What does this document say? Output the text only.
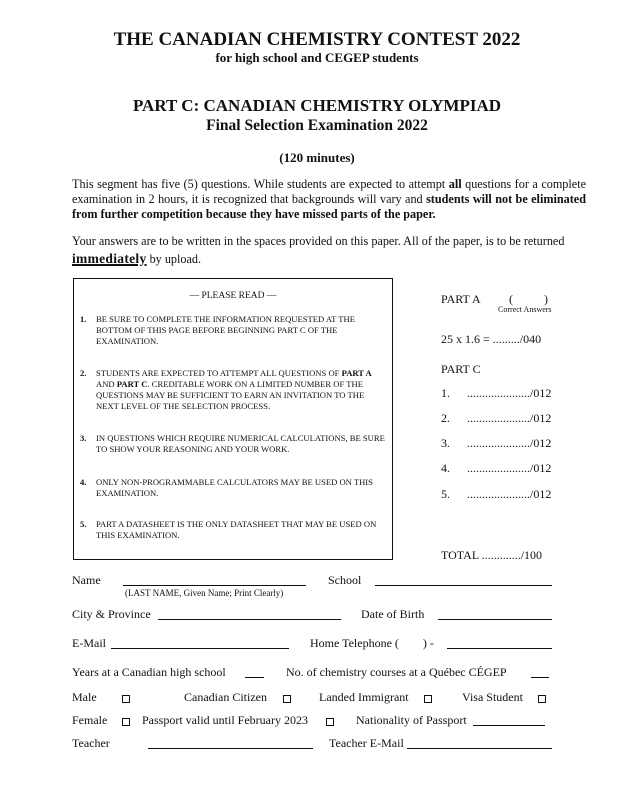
THE CANADIAN CHEMISTRY CONTEST 2022
for high school and CEGEP students
PART C: CANADIAN CHEMISTRY OLYMPIAD
Final Selection Examination 2022
(120 minutes)
This segment has five (5) questions. While students are expected to attempt all questions for a complete examination in 2 hours, it is recognized that backgrounds will vary and students will not be eliminated from further competition because they have missed parts of the paper.
Your answers are to be written in the spaces provided on this paper. All of the paper, is to be returned immediately by upload.
— PLEASE READ —
1. BE SURE TO COMPLETE THE INFORMATION REQUESTED AT THE BOTTOM OF THIS PAGE BEFORE BEGINNING PART C OF THE EXAMINATION.
2. STUDENTS ARE EXPECTED TO ATTEMPT ALL QUESTIONS OF PART A AND PART C. CREDITABLE WORK ON A LIMITED NUMBER OF THE QUESTIONS MAY BE SUFFICIENT TO EARN AN INVITATION TO THE NEXT LEVEL OF THE SELECTION PROCESS.
3. IN QUESTIONS WHICH REQUIRE NUMERICAL CALCULATIONS, BE SURE TO SHOW YOUR REASONING AND YOUR WORK.
4. ONLY NON-PROGRAMMABLE CALCULATORS MAY BE USED ON THIS EXAMINATION.
5. PART A DATASHEET IS THE ONLY DATASHEET THAT MAY BE USED ON THIS EXAMINATION.
PART A ( )
Correct Answers
25 x 1.6 = ........./040
PART C
1. ...................../012
2. ...................../012
3. ...................../012
4. ...................../012
5. ...................../012
TOTAL ............./100
Name
(LAST NAME, Given Name; Print Clearly)
School
City & Province	Date of Birth
E-Mail	Home Telephone ( ) -
Years at a Canadian high school	No. of chemistry courses at a Québec CÉGEP
Male	Canadian Citizen	Landed Immigrant	Visa Student
Female	Passport valid until February 2023	Nationality of Passport
Teacher	Teacher E-Mail
